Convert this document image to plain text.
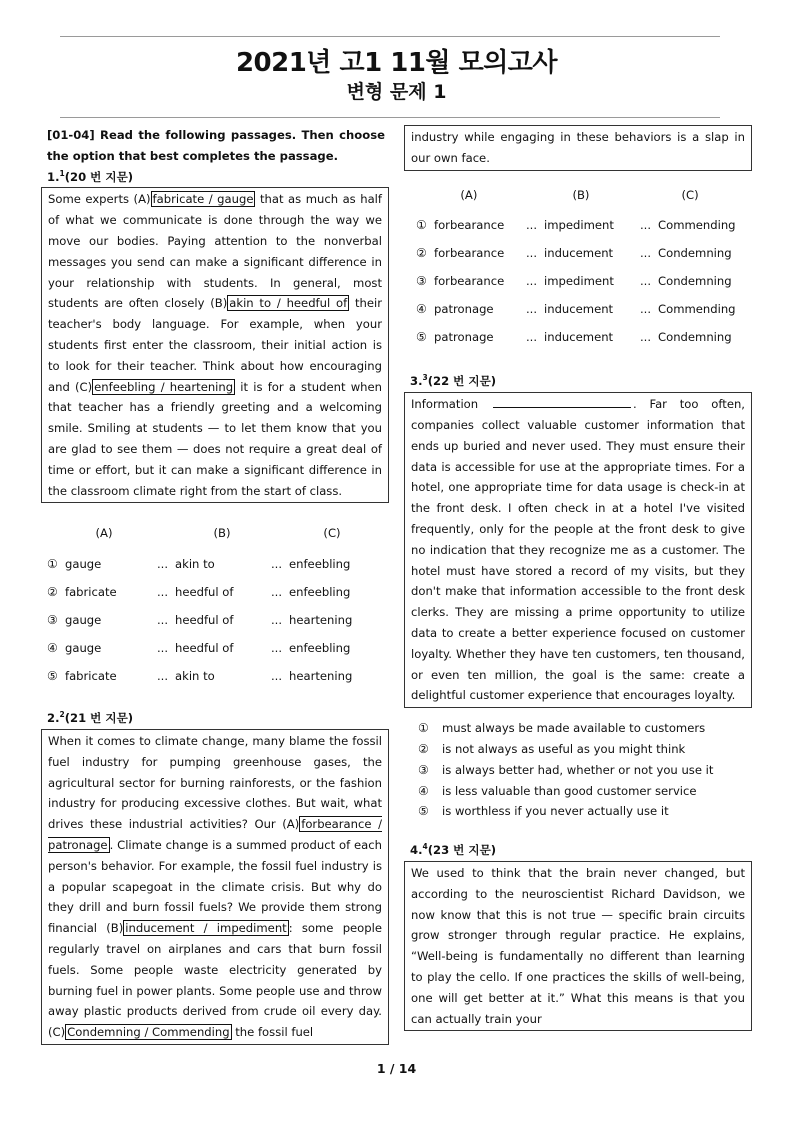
2021년 고1 11월 모의고사
변형 문제 1
[01-04] Read the following passages. Then choose the option that best completes the passage.
1.$^1$(20 번 지문)

Some experts (A) fabricate / gauge that as much as half of what we communicate is done through the way we move our bodies. Paying attention to the nonverbal messages you send can make a significant difference in your relationship with students. In general, most students are often closely (B) akin to / heedful of their teacher's body language. For example, when your students first enter the classroom, their initial action is to look for their teacher. Think about how encouraging and (C) enfeebling / heartening it is for a student when that teacher has a friendly greeting and a welcoming smile. Smiling at students — to let them know that you are glad to see them — does not require a great deal of time or effort, but it can make a significant difference in the classroom climate right from the start of class.

(A)	(B)	(C)
① gauge	... akin to	... enfeebling
② fabricate	... heedful of	... enfeebling
③ gauge	... heedful of	... heartening
④ gauge	... heedful of	... enfeebling
⑤ fabricate	... akin to	... heartening
2.$^2$(21 번 지문)

When it comes to climate change, many blame the fossil fuel industry for pumping greenhouse gases, the agricultural sector for burning rainforests, or the fashion industry for producing excessive clothes. But wait, what drives these industrial activities? Our (A) forbearance / patronage . Climate change is a summed product of each person's behavior. For example, the fossil fuel industry is a popular scapegoat in the climate crisis. But why do they drill and burn fossil fuels? We provide them strong financial (B) inducement / impediment : some people regularly travel on airplanes and cars that burn fossil fuels. Some people waste electricity generated by burning fuel in power plants. Some people use and throw away plastic products derived from crude oil every day. (C) Condemning / Commending the fossil fuel

industry while engaging in these behaviors is a slap in our own face.

(A)	(B)	(C)
① forbearance	... impediment	... Commending
② forbearance	... inducement	... Condemning
③ forbearance	... impediment	... Condemning
④ patronage	... inducement	... Commending
⑤ patronage	... inducement	... Condemning
3.$^3$(22 번 지문)

Information	. Far too often, companies collect valuable customer information that ends up buried and never used. They must ensure their data is accessible for use at the appropriate times. For a hotel, one appropriate time for data usage is check-in at the front desk. I often check in at a hotel I've visited frequently, only for the people at the front desk to give no indication that they recognize me as a customer. The hotel must have stored a record of my visits, but they don't make that information accessible to the front desk clerks. They are missing a prime opportunity to utilize data to create a better experience focused on customer loyalty. Whether they have ten customers, ten thousand, or even ten million, the goal is the same: create a delightful customer experience that encourages loyalty.

①	must always be made available to customers
②	is not always as useful as you might think
③	is always better had, whether or not you use it
④	is less valuable than good customer service
⑤	is worthless if you never actually use it
4.$^4$(23 번 지문)

We used to think that the brain never changed, but according to the neuroscientist Richard Davidson, we now know that this is not true — specific brain circuits grow stronger through regular practice. He explains, “Well-being is fundamentally no different than learning to play the cello. If one practices the skills of well-being, one will get better at it.” What this means is that you can actually train your

1 / 14
